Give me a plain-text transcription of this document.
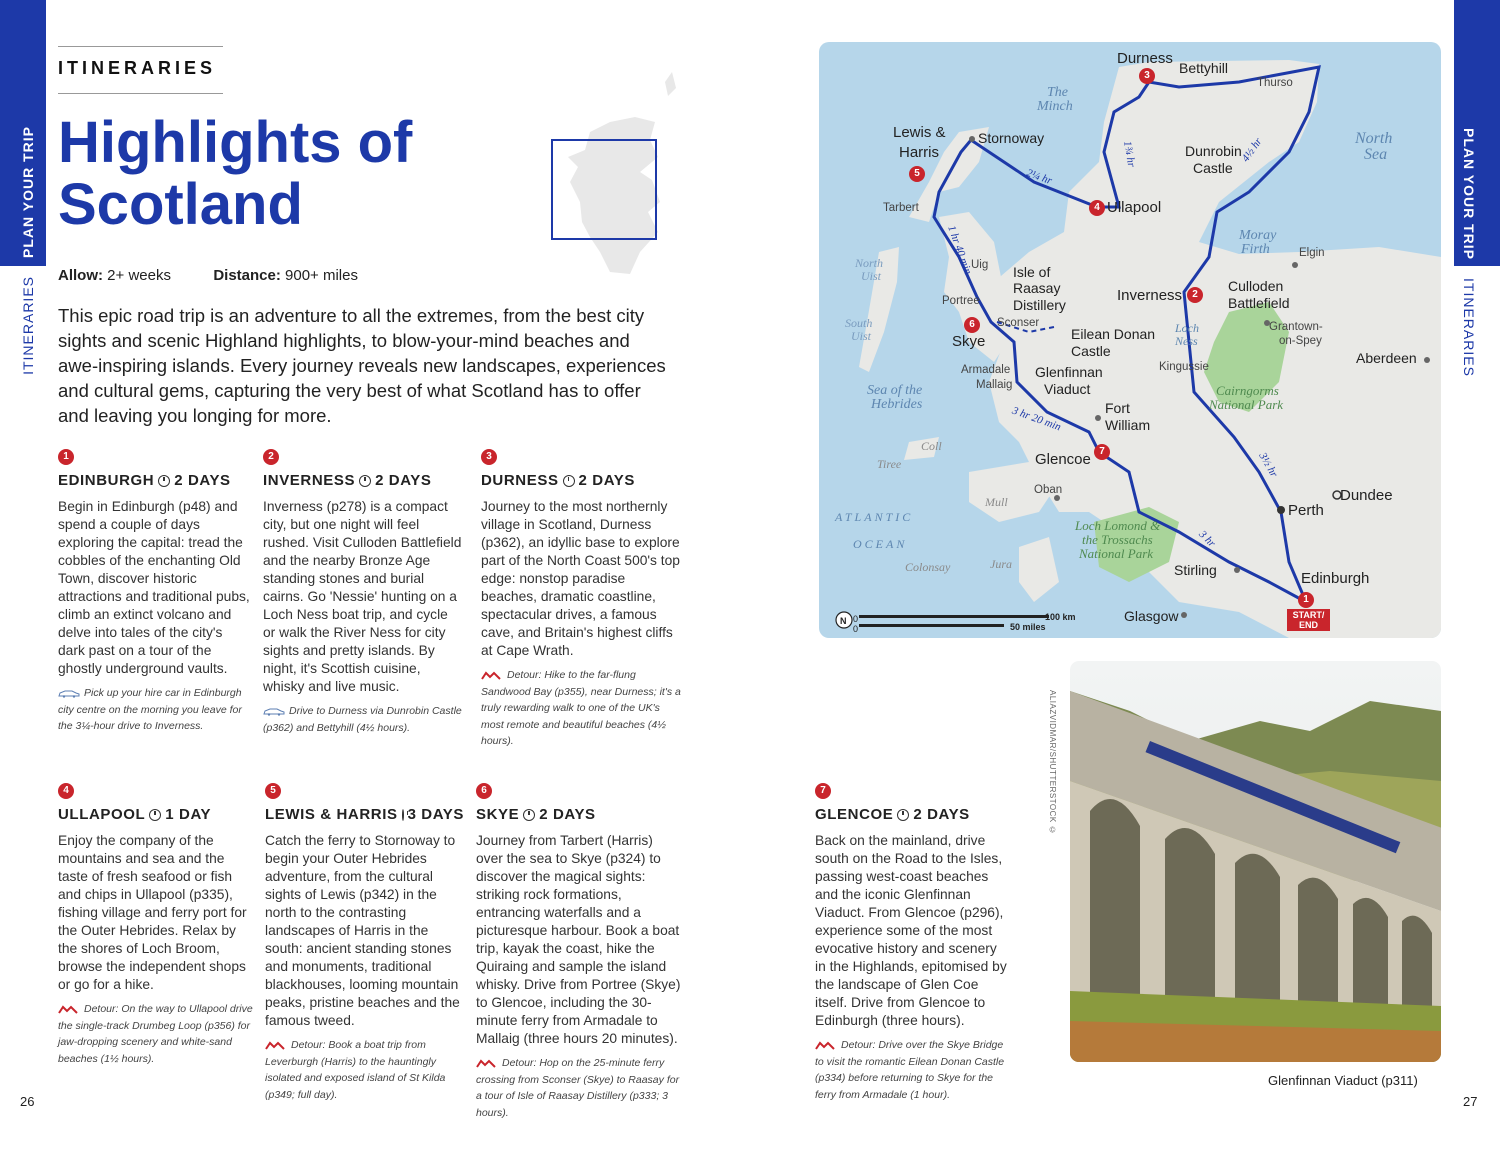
PLAN YOUR TRIP
ITINERARIES
PLAN YOUR TRIP
ITINERARIES
26	27
ITINERARIES
Highlights of
Scotland
Allow: 2+ weeks	Distance: 900+ miles
This epic road trip is an adventure to all the extremes, from the best city sights and scenic Highland highlights, to blow-your-mind beaches and awe-inspiring islands. Every journey reveals new landscapes, experiences and cultural gems, capturing the very best of what Scotland has to offer and leaving you longing for more.
1
EDINBURGH 2 DAYS
Begin in Edinburgh (p48) and spend a couple of days exploring the capital: tread the cobbles of the enchanting Old Town, discover historic attractions and traditional pubs, climb an extinct volcano and delve into tales of the city's dark past on a tour of the ghostly underground vaults.
Pick up your hire car in Edinburgh city centre on the morning you leave for the 3¼-hour drive to Inverness.
2
INVERNESS 2 DAYS
Inverness (p278) is a compact city, but one night will feel rushed. Visit Culloden Battlefield and the nearby Bronze Age standing stones and burial cairns. Go 'Nessie' hunting on a Loch Ness boat trip, and cycle or walk the River Ness for city sights and pretty islands. By night, it's Scottish cuisine, whisky and live music.
Drive to Durness via Dunrobin Castle (p362) and Bettyhill (4½ hours).
3
DURNESS 2 DAYS
Journey to the most northernly village in Scotland, Durness (p362), an idyllic base to explore part of the North Coast 500's top edge: nonstop paradise beaches, dramatic coastline, spectacular drives, a famous cave, and Britain's highest cliffs at Cape Wrath.
Detour: Hike to the far-flung Sandwood Bay (p355), near Durness; it's a truly rewarding walk to one of the UK's most remote and beautiful beaches (4½ hours).
4
ULLAPOOL 1 DAY
Enjoy the company of the mountains and sea and the taste of fresh seafood or fish and chips in Ullapool (p335), fishing village and ferry port for the Outer Hebrides. Relax by the shores of Loch Broom, browse the independent shops or go for a hike.
Detour: On the way to Ullapool drive the single-track Drumbeg Loop (p356) for jaw-dropping scenery and white-sand beaches (1½ hours).
5
LEWIS & HARRIS 3 DAYS
Catch the ferry to Stornoway to begin your Outer Hebrides adventure, from the cultural sights of Lewis (p342) in the north to the contrasting landscapes of Harris in the south: ancient standing stones and monuments, traditional blackhouses, looming mountain peaks, pristine beaches and the famous tweed.
Detour: Book a boat trip from Leverburgh (Harris) to the hauntingly isolated and exposed island of St Kilda (p349; full day).
6
SKYE 2 DAYS
Journey from Tarbert (Harris) over the sea to Skye (p324) to discover the magical sights: striking rock formations, entrancing waterfalls and a picturesque harbour. Book a boat trip, kayak the coast, hike the Quiraing and sample the island whisky. Drive from Portree (Skye) to Glencoe, including the 30-minute ferry from Armadale to Mallaig (three hours 20 minutes).
Detour: Hop on the 25-minute ferry crossing from Sconser (Skye) to Raasay for a tour of Isle of Raasay Distillery (p333; 3 hours).
7
GLENCOE 2 DAYS
Back on the mainland, drive south on the Road to the Isles, passing west-coast beaches and the iconic Glenfinnan Viaduct. From Glencoe (p296), experience some of the most evocative history and scenery in the Highlands, epitomised by the landscape of Glen Coe itself. Drive from Glencoe to Edinburgh (three hours).
Detour: Drive over the Skye Bridge to visit the romantic Eilean Donan Castle (p334) before returning to Skye for the ferry from Armadale (1 hour).
Durness
Bettyhill
Thurso
Lewis &
Harris
Stornoway
Ullapool
Dunrobin
Castle
Tarbert
Uig Isle of
Raasay
Distillery
Portree
Sconser
Skye	Eilean Donan
Castle
Inverness
Culloden
Battlefield
Elgin
Grantown-
on-Spey
Aberdeen
Kingussie
Armadale
Mallaig
Glenfinnan
Viaduct
Fort
William
Glencoe
Oban	Dundee
Perth
Stirling	Edinburgh
Glasgow	START/
END
The
Minch
North
Sea
Moray
Firth
North
Uist
South
Uist
Sea of the
Hebrides
Loch
Ness
Coll
Tiree
Mull
ATLANTIC
OCEAN
Colonsay	Jura
Cairngorms
National Park
Loch Lomond &
the Trossachs
National Park
2¼ hr
1¾ hr	4½ hr
1 hr 40 min
3 hr 20 min
3½ hr
3 hr
3
5
4
2
6
7
1
0
0
100 km
50 miles
N
ALIAZVIDMAR/SHUTTERSTOCK ©
Glenfinnan Viaduct (p311)
